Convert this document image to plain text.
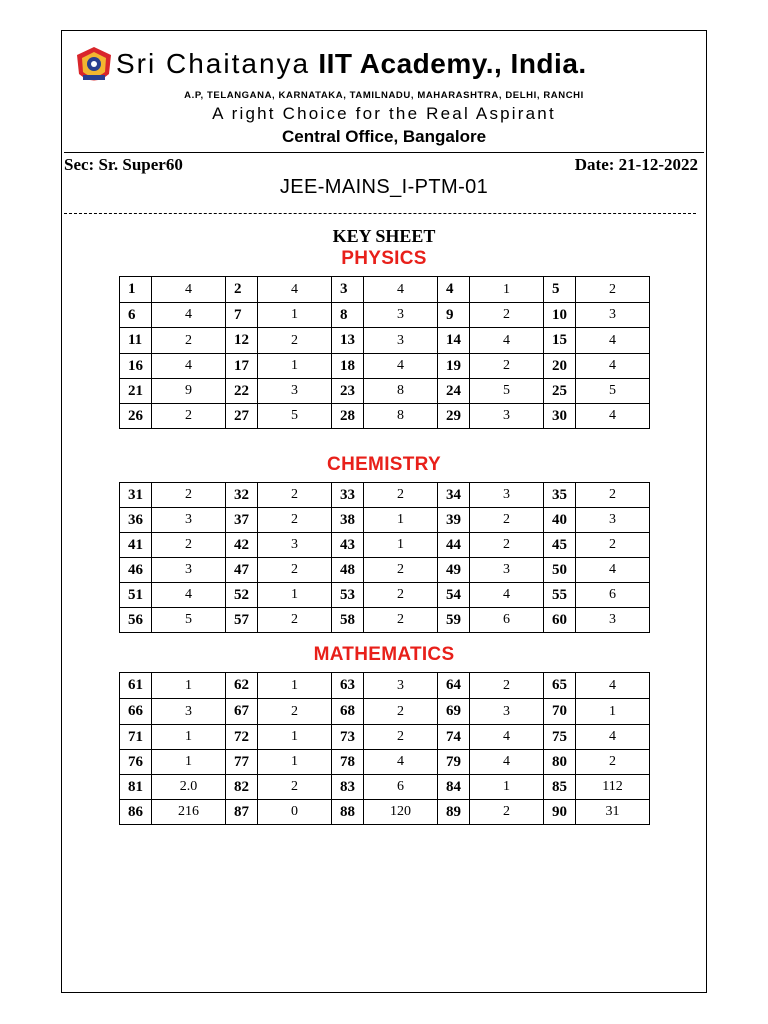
Sri Chaitanya IIT Academy., India.
A.P, TELANGANA, KARNATAKA, TAMILNADU, MAHARASHTRA, DELHI, RANCHI
A right Choice for the Real Aspirant
Central Office, Bangalore
Sec: Sr. Super60	Date: 21-12-2022
JEE-MAINS_I-PTM-01
KEY SHEET
PHYSICS
1	4	2	4	3	4	4	1	5	2
6	4	7	1	8	3	9	2	10	3
11	2	12	2	13	3	14	4	15	4
16	4	17	1	18	4	19	2	20	4
21	9	22	3	23	8	24	5	25	5
26	2	27	5	28	8	29	3	30	4
CHEMISTRY
31	2	32	2	33	2	34	3	35	2
36	3	37	2	38	1	39	2	40	3
41	2	42	3	43	1	44	2	45	2
46	3	47	2	48	2	49	3	50	4
51	4	52	1	53	2	54	4	55	6
56	5	57	2	58	2	59	6	60	3
MATHEMATICS
61	1	62	1	63	3	64	2	65	4
66	3	67	2	68	2	69	3	70	1
71	1	72	1	73	2	74	4	75	4
76	1	77	1	78	4	79	4	80	2
81	2.0	82	2	83	6	84	1	85	112
86	216	87	0	88	120	89	2	90	31
